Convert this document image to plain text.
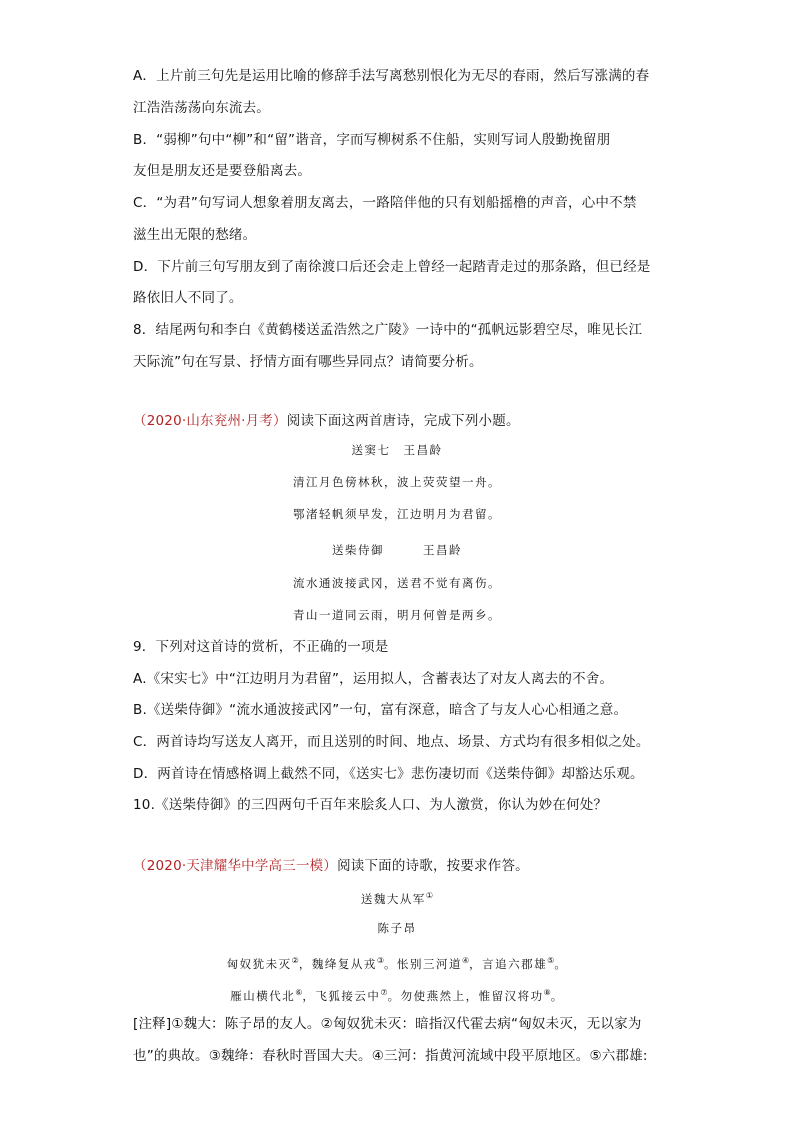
A．上片前三句先是运用比喻的修辞手法写离愁别恨化为无尽的春雨，然后写涨满的春
江浩浩荡荡向东流去。
B．“弱柳”句中“柳”和“留”谐音，字而写柳树系不住船，实则写词人殷勤挽留朋
友但是朋友还是要登船离去。
C．“为君”句写词人想象着朋友离去，一路陪伴他的只有划船摇橹的声音，心中不禁
滋生出无限的愁绪。
D．下片前三句写朋友到了南徐渡口后还会走上曾经一起踏青走过的那条路，但已经是
路依旧人不同了。
8．结尾两句和李白《黄鹤楼送孟浩然之广陵》一诗中的“孤帆远影碧空尽，唯见长江
天际流”句在写景、抒情方面有哪些异同点？请简要分析。
（2020·山东兖州·月考）阅读下面这两首唐诗，完成下列小题。
送窦七　王昌龄
清江月色傍林秋，波上荧荧望一舟。
鄂渚轻帆须早发，江边明月为君留。
送柴侍御　　　王昌龄
流水通波接武冈，送君不觉有离伤。
青山一道同云雨，明月何曾是两乡。
9．下列对这首诗的赏析，不正确的一项是
A.《宋实七》中“江边明月为君留”，运用拟人，含蓄表达了对友人离去的不舍。
B.《送柴侍御》“流水通波接武冈”一句，富有深意，暗含了与友人心心相通之意。
C．两首诗均写送友人离开，而且送别的时间、地点、场景、方式均有很多相似之处。
D．两首诗在情感格调上截然不同，《送实七》悲伤凄切而《送柴侍御》却豁达乐观。
10.《送柴侍御》的三四两句千百年来脍炙人口、为人激赏，你认为妙在何处？
（2020·天津耀华中学高三一模）阅读下面的诗歌，按要求作答。
送魏大从军①
陈子昂
匈奴犹未灭②，魏绛复从戎③。怅别三河道④，言追六郡雄⑤。
雁山横代北⑥，飞狐接云中⑦。勿使燕然上，惟留汉将功⑧。
[注释]①魏大：陈子昂的友人。②匈奴犹未灭：暗指汉代霍去病“匈奴未灭，无以家为
也”的典故。③魏绛：春秋时晋国大夫。④三河：指黄河流域中段平原地区。⑤六郡雄:
